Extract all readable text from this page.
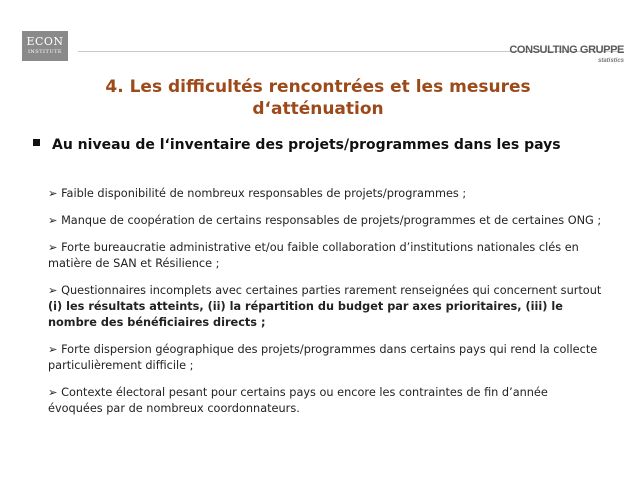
ECON
INSTITUTE	CONSULTING GRUPPE
statistics
4. Les difficultés rencontrées et les mesures
d‘atténuation
Au niveau de l‘inventaire des projets/programmes dans les pays
➢ Faible disponibilité de nombreux responsables de projets/programmes ;
➢ Manque de coopération de certains responsables de projets/programmes et de certaines ONG ;
➢ Forte bureaucratie administrative et/ou faible collaboration d’institutions nationales clés en matière de SAN et Résilience ;
➢ Questionnaires incomplets avec certaines parties rarement renseignées qui concernent surtout (i) les résultats atteints, (ii) la répartition du budget par axes prioritaires, (iii) le nombre des bénéficiaires directs ;
➢ Forte dispersion géographique des projets/programmes dans certains pays qui rend la collecte particulièrement difficile ;
➢ Contexte électoral pesant pour certains pays ou encore les contraintes de fin d’année évoquées par de nombreux coordonnateurs.
